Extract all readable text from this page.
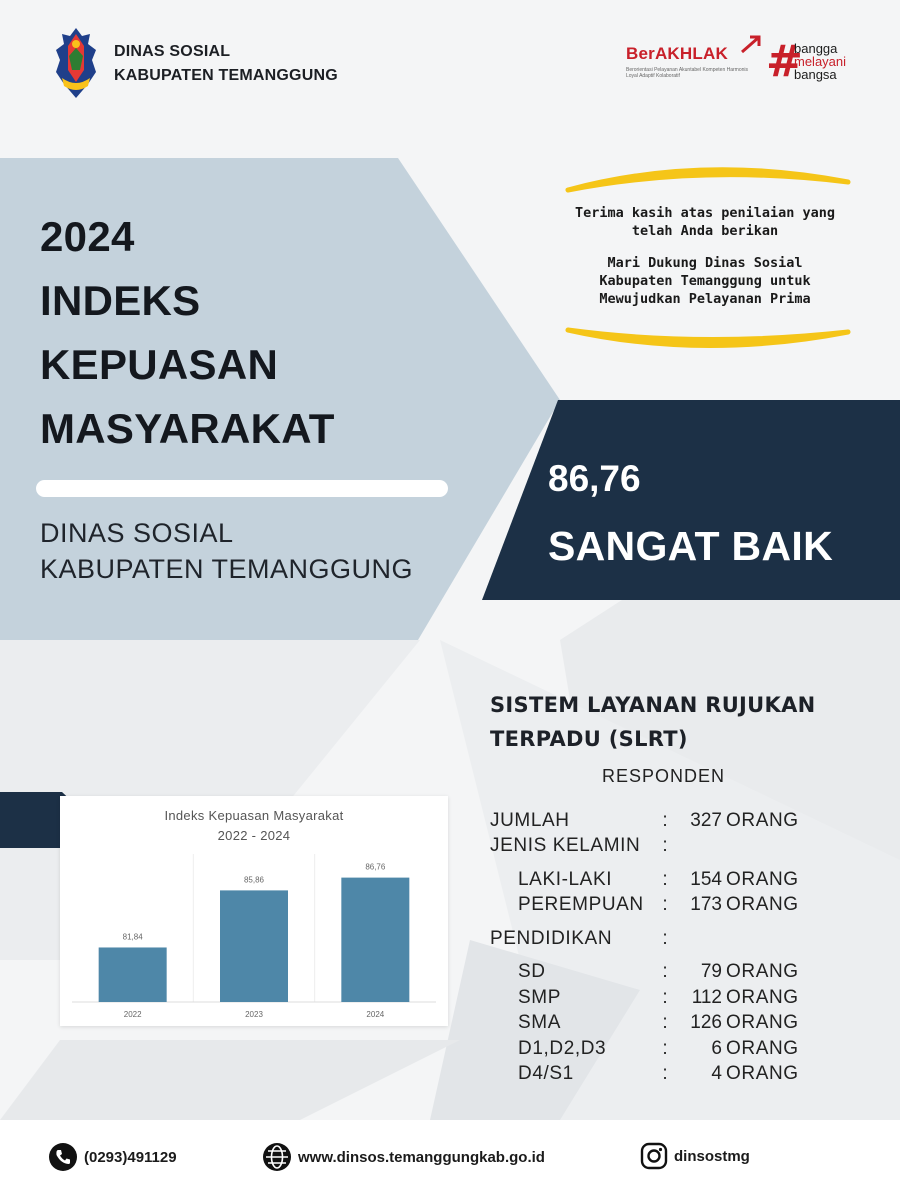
DINAS SOSIAL
KABUPATEN TEMANGGUNG
BerAKHLAK
Berorientasi Pelayanan Akuntabel Kompeten Harmonis Loyal Adaptif Kolaboratif	#
bangga
melayani
bangsa
2024
INDEKS
KEPUASAN
MASYARAKAT
DINAS SOSIAL
KABUPATEN TEMANGGUNG

Terima kasih atas penilaian yang
telah Anda berikan

Mari Dukung Dinas Sosial
Kabupaten Temanggung untuk
Mewujudkan Pelayanan Prima

86,76
SANGAT BAIK
SISTEM LAYANAN RUJUKAN
TERPADU (SLRT)
RESPONDEN
JUMLAH	:	327 ORANG
JENIS KELAMIN	:
LAKI-LAKI	:	154 ORANG
PEREMPUAN :	173 ORANG
PENDIDIKAN	:
SD	:	79 ORANG
SMP	:	112 ORANG
SMA	:	126 ORANG
D1,D2,D3	:	6 ORANG
D4/S1	:	4 ORANG
Indeks Kepuasan Masyarakat
2022 - 2024
81,84
2022
85,86
2023
86,76
2024
(0293)491129	www.dinsos.temanggungkab.go.id	dinsostmg
